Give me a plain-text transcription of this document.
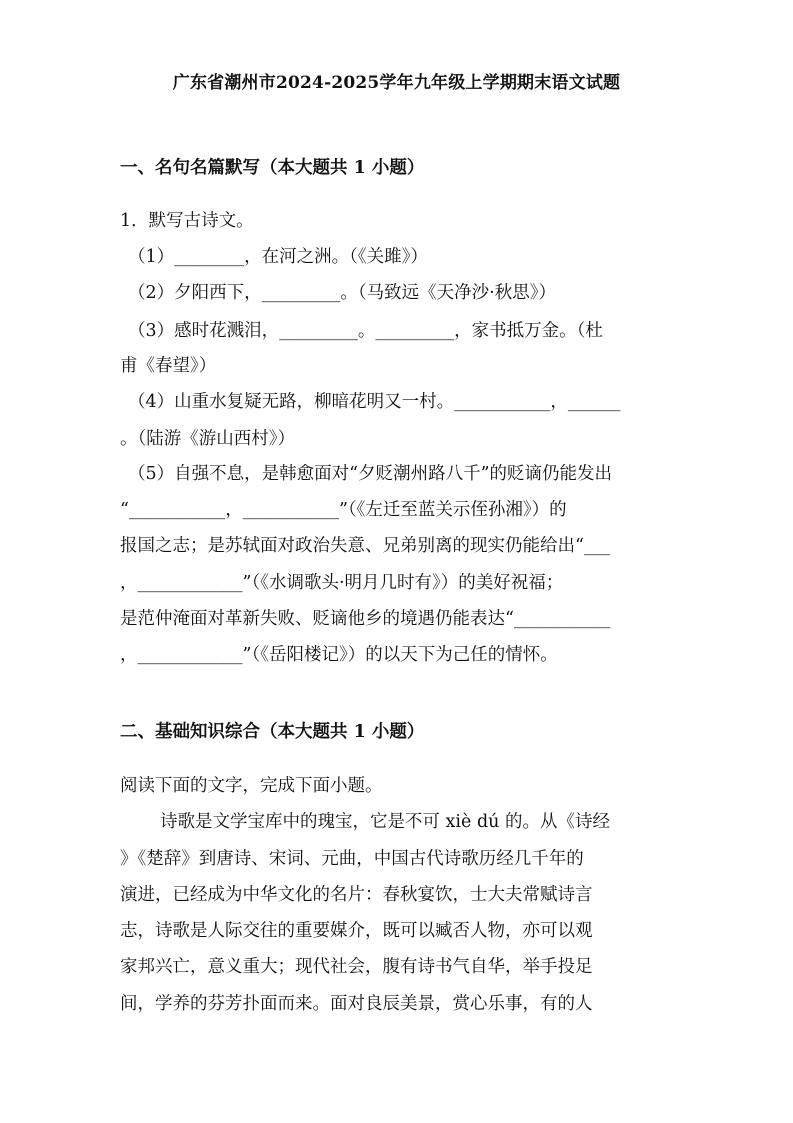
广东省潮州市2024-2025学年九年级上学期期末语文试题
一、名句名篇默写（本大题共 1 小题）
1．默写古诗文。
（1）________，在河之洲。（《关雎》）
（2）夕阳西下，_________。（马致远《天净沙·秋思》）
（3）感时花溅泪，_________。_________，家书抵万金。（杜
甫《春望》）
（4）山重水复疑无路，柳暗花明又一村。___________，______
。（陆游《游山西村》）
（5）自强不息，是韩愈面对“夕贬潮州路八千”的贬谪仍能发出
“___________，___________”（《左迁至蓝关示侄孙湘》）的
报国之志；是苏轼面对政治失意、兄弟别离的现实仍能给出“___
，____________”（《水调歌头·明月几时有》）的美好祝福；
是范仲淹面对革新失败、贬谪他乡的境遇仍能表达“___________
，____________”（《岳阳楼记》）的以天下为己任的情怀。
二、基础知识综合（本大题共 1 小题）
阅读下面的文字，完成下面小题。
诗歌是文学宝库中的瑰宝，它是不可 xiè dú 的。从《诗经
》《楚辞》到唐诗、宋词、元曲，中国古代诗歌历经几千年的
演进，已经成为中华文化的名片：春秋宴饮，士大夫常赋诗言
志，诗歌是人际交往的重要媒介，既可以臧否人物，亦可以观
家邦兴亡，意义重大；现代社会，腹有诗书气自华，举手投足
间，学养的芬芳扑面而来。面对良辰美景，赏心乐事，有的人
